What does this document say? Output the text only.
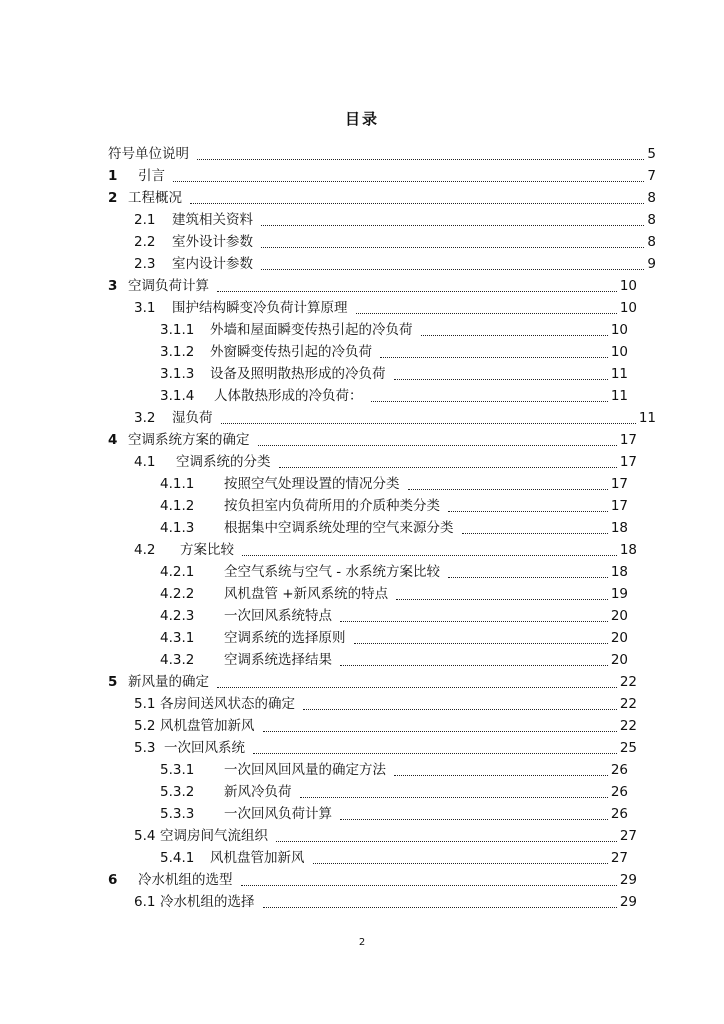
目录
符号单位说明	5
1	引言	7
2 工程概况	8
2.1	建筑相关资料	8
2.2	室外设计参数	8
2.3	室内设计参数	9
3 空调负荷计算	10
3.1	围护结构瞬变冷负荷计算原理	10
3.1.1	外墙和屋面瞬变传热引起的冷负荷	10
3.1.2	外窗瞬变传热引起的冷负荷	10
3.1.3	设备及照明散热形成的冷负荷	11
3.1.4	人体散热形成的冷负荷：	11
3.2	湿负荷	11
4 空调系统方案的确定	17
4.1	空调系统的分类	17
4.1.1	按照空气处理设置的情况分类	17
4.1.2	按负担室内负荷所用的介质种类分类	17
4.1.3	根据集中空调系统处理的空气来源分类	18
4.2	方案比较	18
4.2.1	全空气系统与空气 - 水系统方案比较	18
4.2.2	风机盘管 +新风系统的特点	19
4.2.3	一次回风系统特点	20
4.3.1	空调系统的选择原则	20
4.3.2	空调系统选择结果	20
5 新风量的确定	22
5.1 各房间送风状态的确定	22
5.2 风机盘管加新风	22
5.3 一次回风系统	25
5.3.1	一次回风回风量的确定方法	26
5.3.2	新风冷负荷	26
5.3.3	一次回风负荷计算	26
5.4 空调房间气流组织	27
5.4.1	风机盘管加新风	27
6	冷水机组的选型	29
6.1 冷水机组的选择	29
2
